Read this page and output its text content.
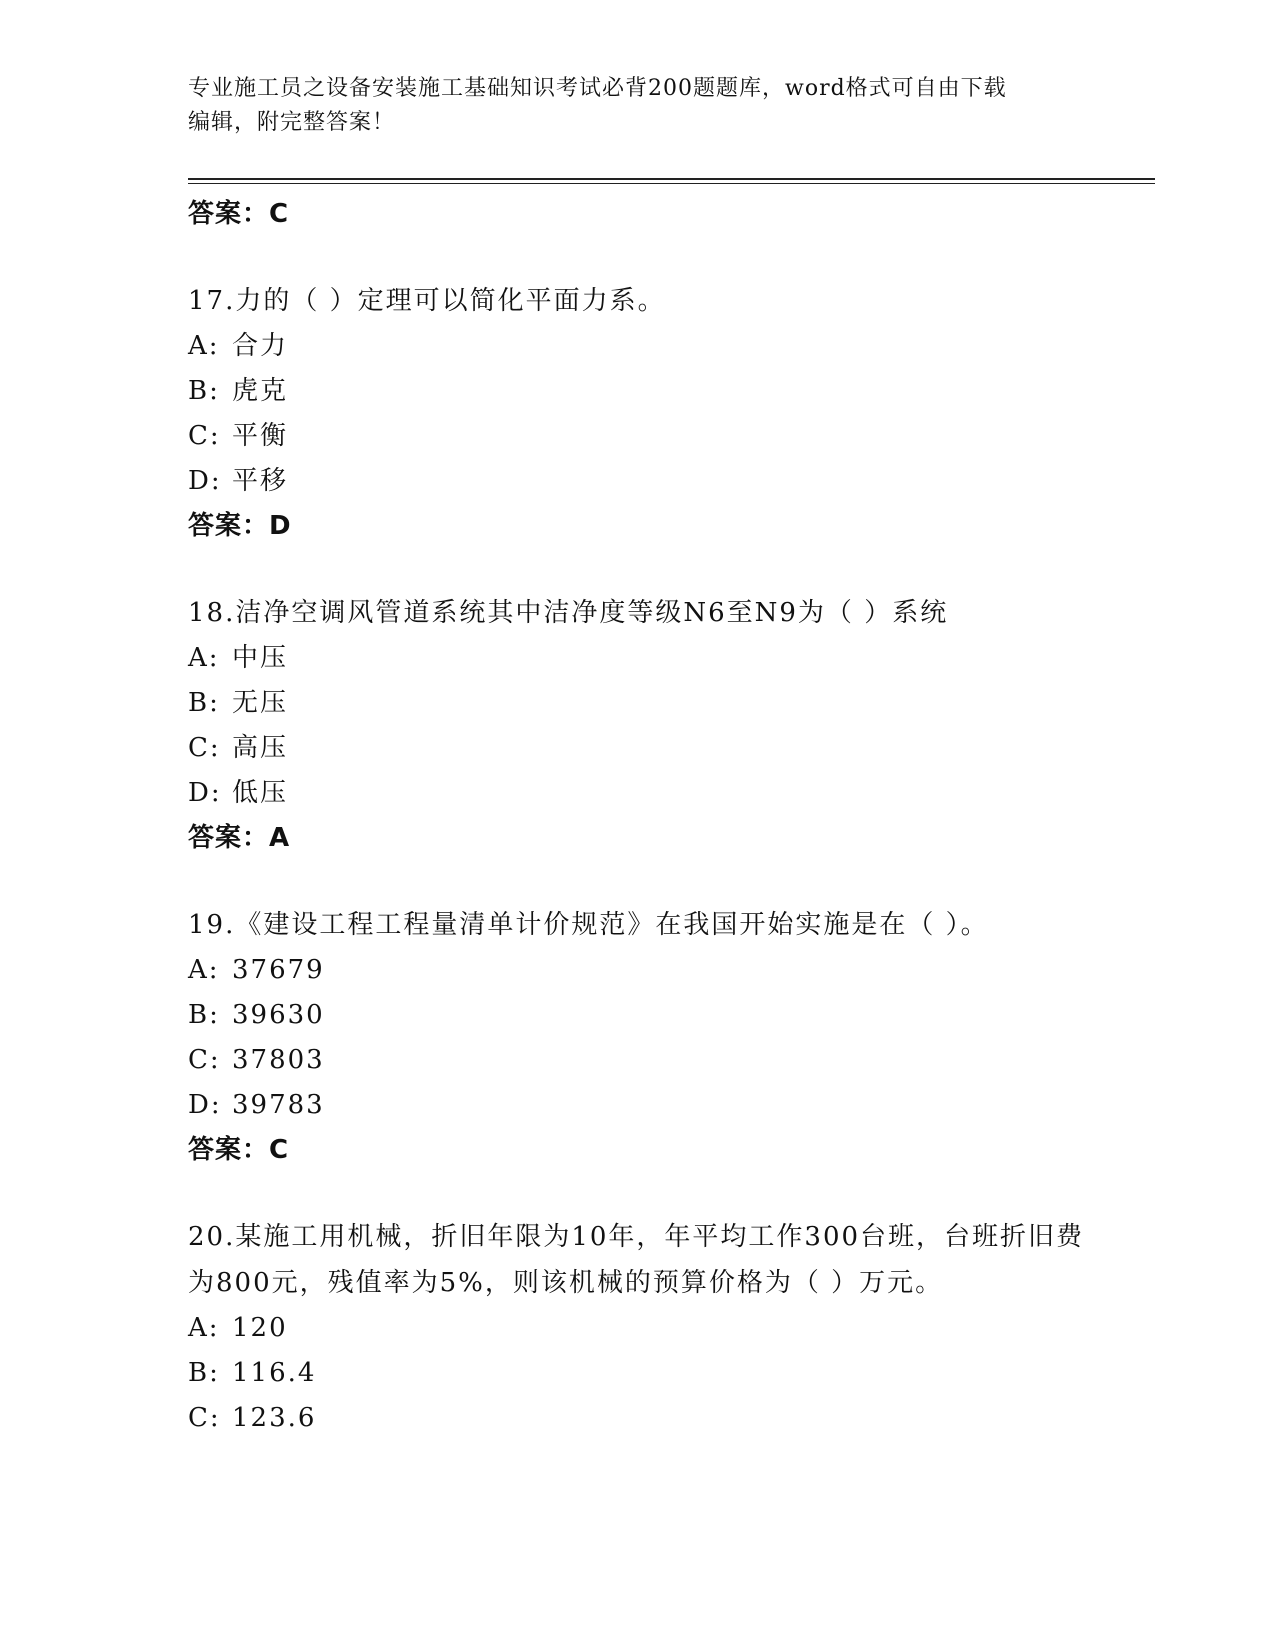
专业施工员之设备安装施工基础知识考试必背200题题库，word格式可自由下载
编辑，附完整答案！
答案：C
17.力的（ ）定理可以简化平面力系。
A: 合力
B: 虎克
C: 平衡
D: 平移
答案：D
18.洁净空调风管道系统其中洁净度等级N6至N9为（ ）系统
A: 中压
B: 无压
C: 高压
D: 低压
答案：A
19.《建设工程工程量清单计价规范》在我国开始实施是在（ ）。
A: 37679
B: 39630
C: 37803
D: 39783
答案：C
20.某施工用机械，折旧年限为10年，年平均工作300台班，台班折旧费为800元，残值率为5%，则该机械的预算价格为（ ）万元。
A: 120
B: 116.4
C: 123.6
